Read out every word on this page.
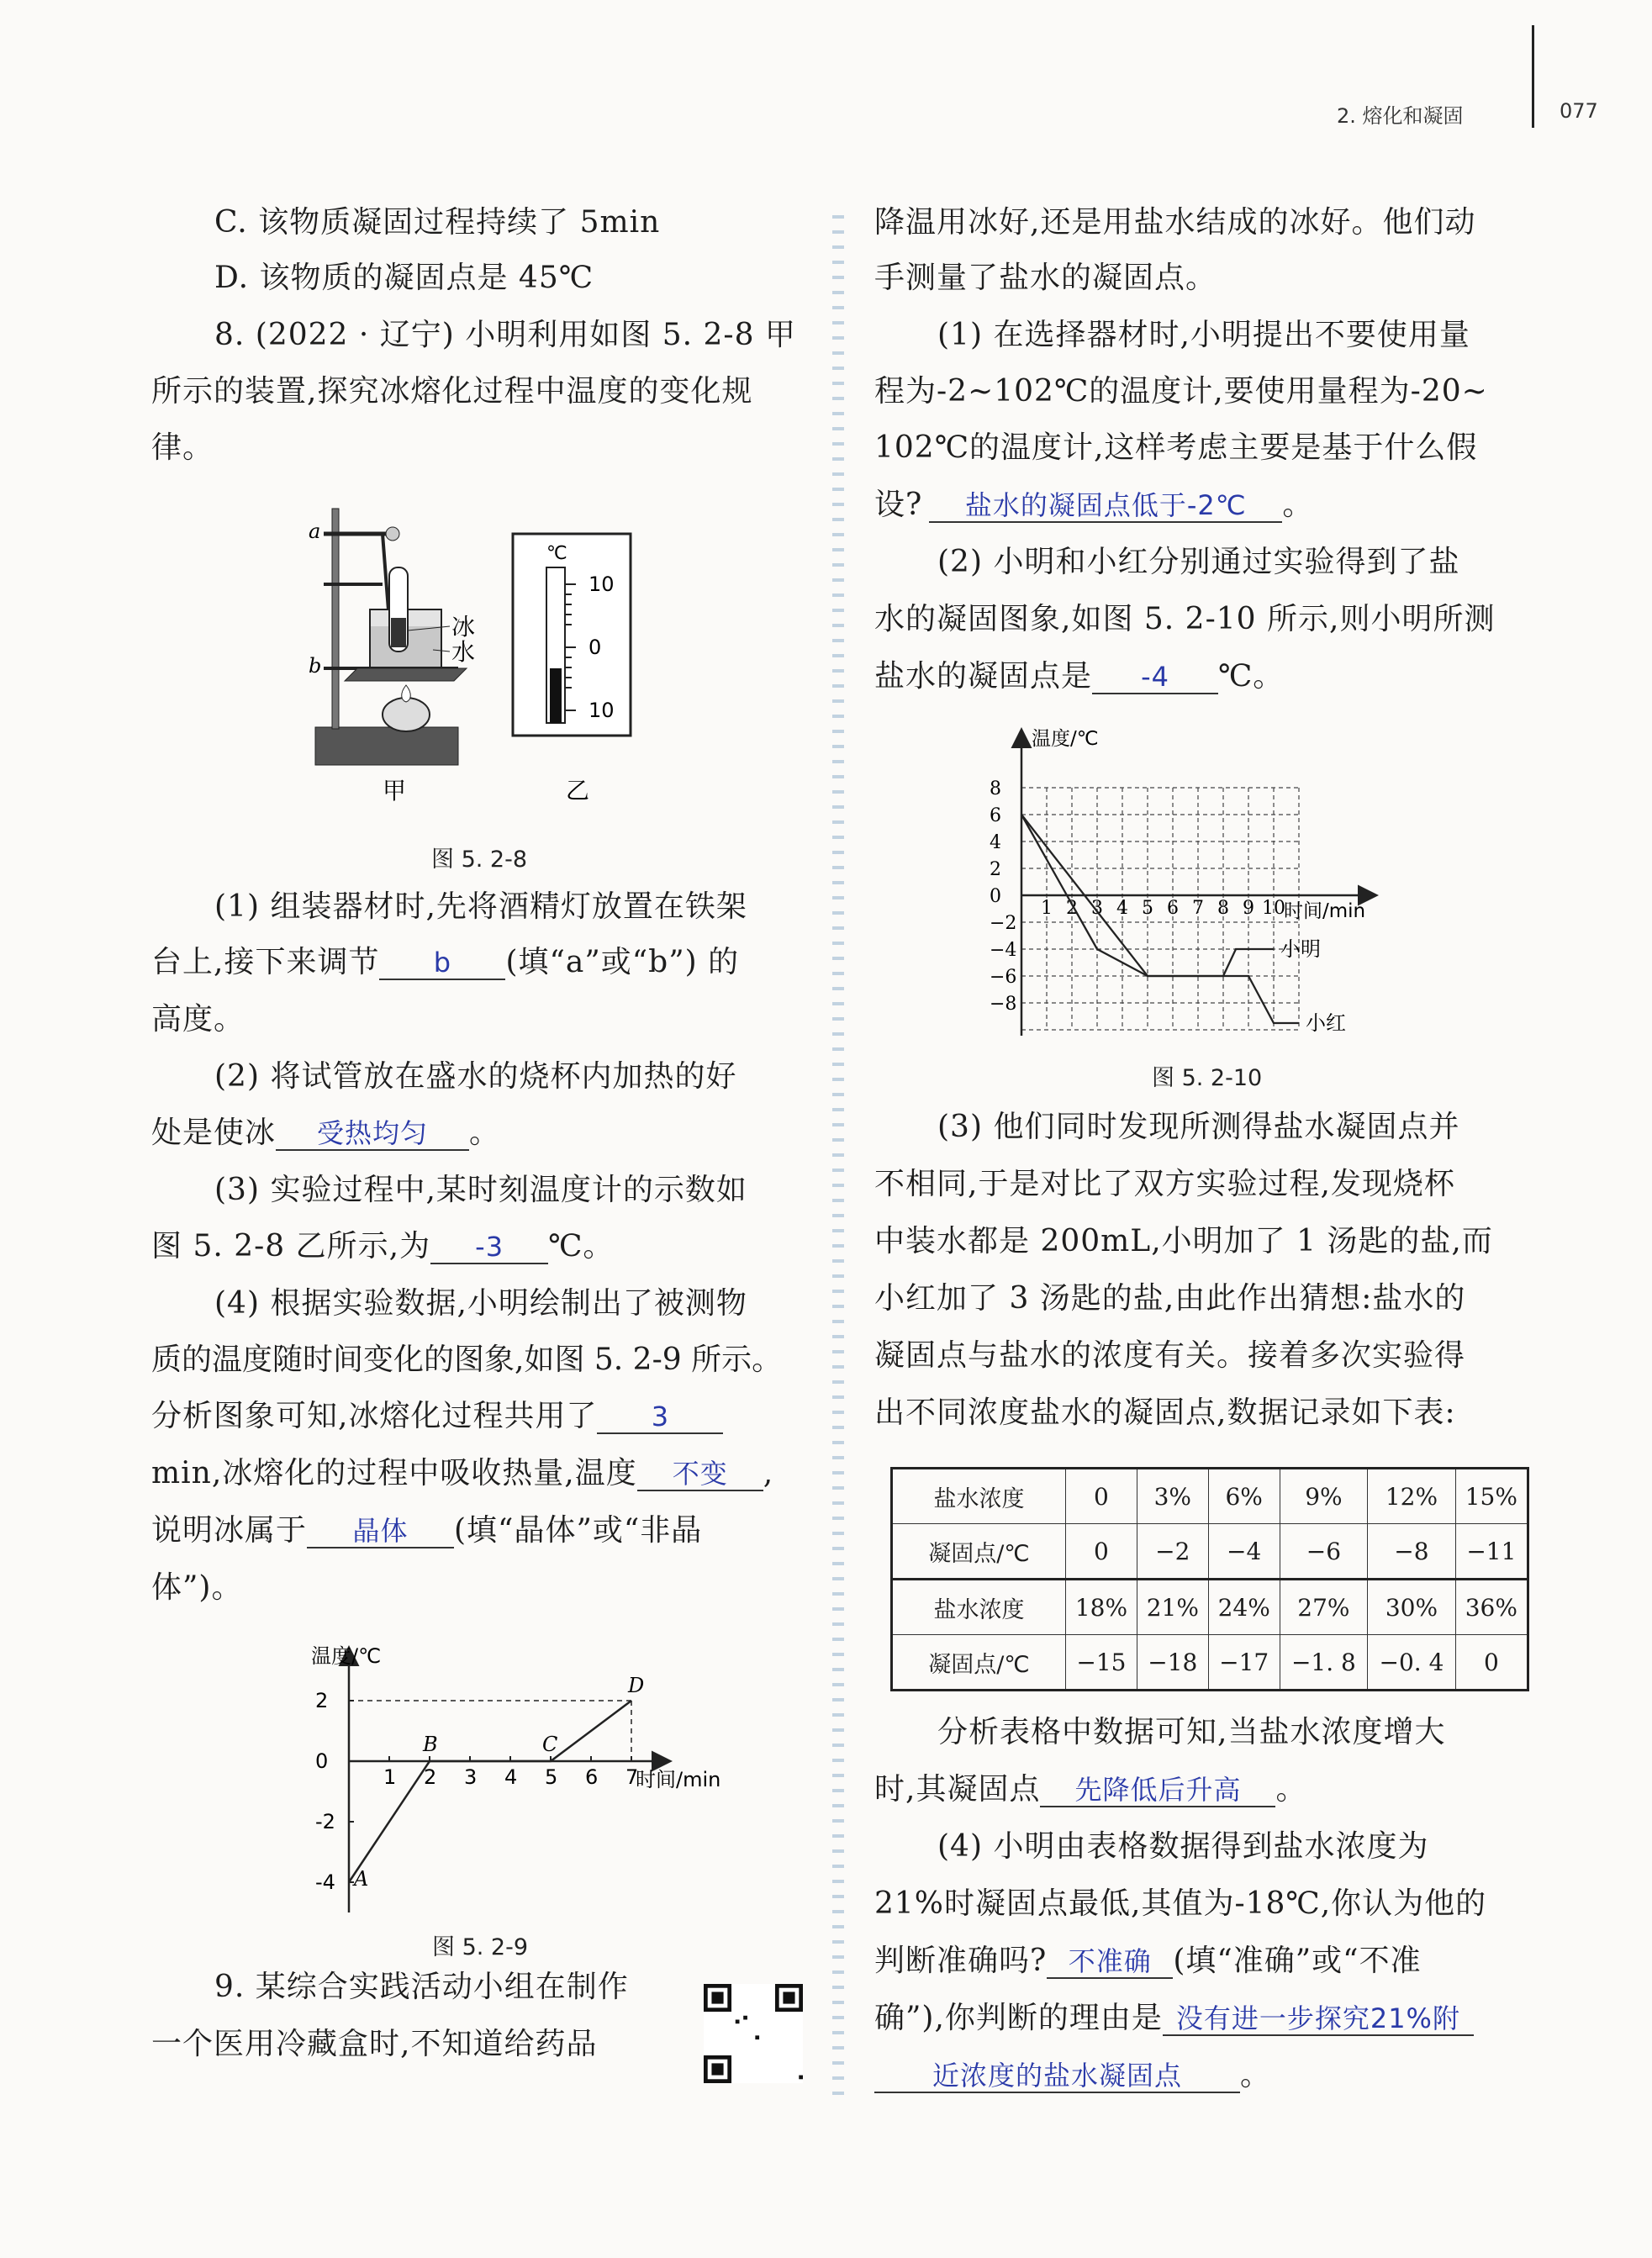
2. 熔化和凝固	077
C. 该物质凝固过程持续了 5min
D. 该物质的凝固点是 45℃
8. (2022 · 辽宁) 小明利用如图 5. 2-8 甲
所示的装置,探究冰熔化过程中温度的变化规
律。
a
b
冰
水
甲
℃
10
0
10
乙
图 5. 2-8
(1) 组装器材时,先将酒精灯放置在铁架
台上,接下来调节 b (填“a”或“b”) 的
高度。
(2) 将试管放在盛水的烧杯内加热的好
处是使冰 受热均匀 。
(3) 实验过程中,某时刻温度计的示数如
图 5. 2-8 乙所示,为 -3 ℃。
(4) 根据实验数据,小明绘制出了被测物
质的温度随时间变化的图象,如图 5. 2-9 所示。
分析图象可知,冰熔化过程共用了 3
min,冰熔化的过程中吸收热量,温度 不变 ,
说明冰属于 晶体 (填“晶体”或“非晶
体”)。
1 2 3 4 5 6 7
2
0
-2
-4
温度/℃
时间/min
A
B	C
D
图 5. 2-9
9. 某综合实践活动小组在制作
一个医用冷藏盒时,不知道给药品
降温用冰好,还是用盐水结成的冰好。他们动
手测量了盐水的凝固点。
(1) 在选择器材时,小明提出不要使用量
程为-2~102℃的温度计,要使用量程为-20~
102℃的温度计,这样考虑主要是基于什么假
设? 盐水的凝固点低于-2℃ 。
(2) 小明和小红分别通过实验得到了盐
水的凝固图象,如图 5. 2-10 所示,则小明所测
盐水的凝固点是 -4 ℃。
1 2 3 4 5 6 7 8 9 10
8
6
4
2
0
−2
−4
−6
−8
温度/℃
时间/min
小明
小红
图 5. 2-10
(3) 他们同时发现所测得盐水凝固点并
不相同,于是对比了双方实验过程,发现烧杯
中装水都是 200mL,小明加了 1 汤匙的盐,而
小红加了 3 汤匙的盐,由此作出猜想:盐水的
凝固点与盐水的浓度有关。接着多次实验得
出不同浓度盐水的凝固点,数据记录如下表:
盐水浓度	0	3%	6%	9%	12%	15%
凝固点/℃	0	−2	−4	−6	−8	−11
盐水浓度	18%	21%	24%	27%	30%	36%
凝固点/℃	−15	−18	−17	−1. 8	−0. 4	0
分析表格中数据可知,当盐水浓度增大
时,其凝固点 先降低后升高 。
(4) 小明由表格数据得到盐水浓度为
21%时凝固点最低,其值为-18℃,你认为他的
判断准确吗? 不准确 (填“准确”或“不准
确”),你判断的理由是 没有进一步探究21%附
近浓度的盐水凝固点 。
